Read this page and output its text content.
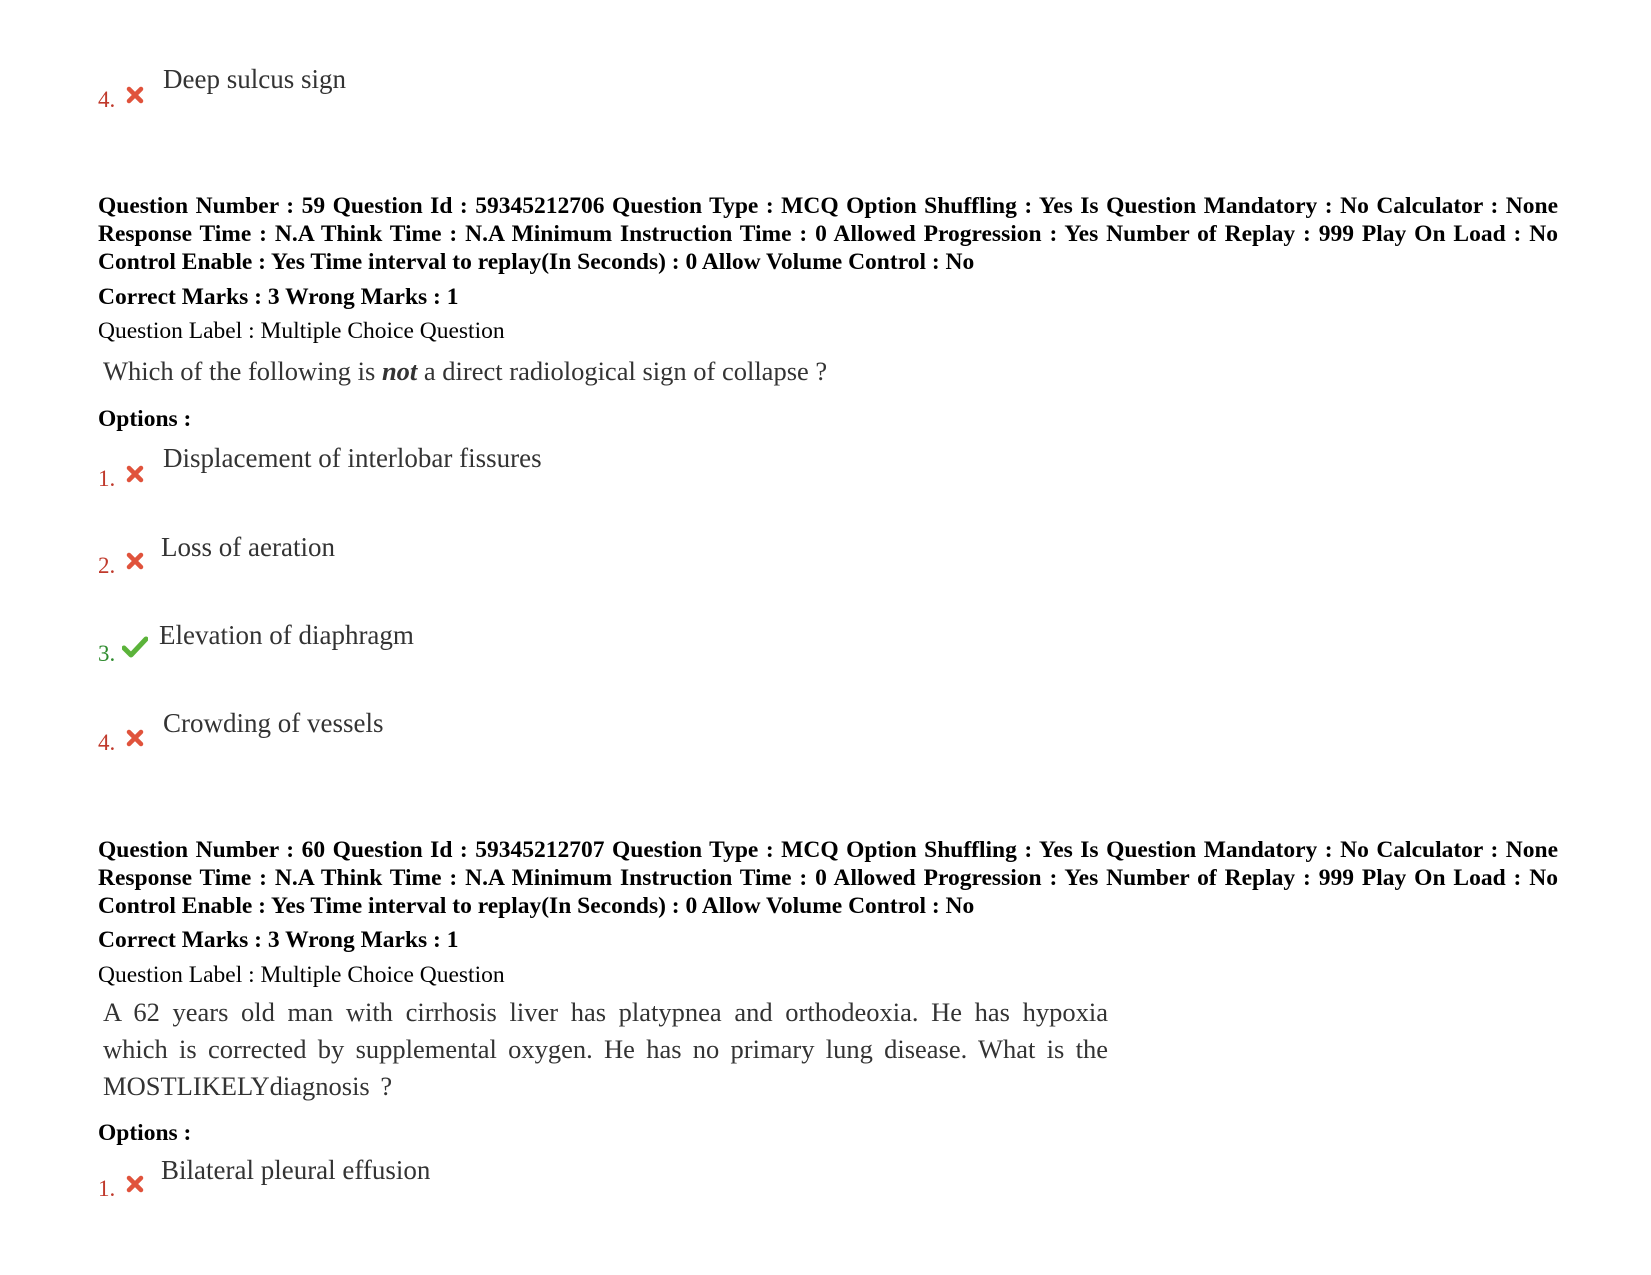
4.
Deep sulcus sign
Question Number : 59 Question Id : 59345212706 Question Type : MCQ Option Shuffling : Yes Is Question Mandatory : No Calculator : None Response Time : N.A Think Time : N.A Minimum Instruction Time : 0 Allowed Progression : Yes Number of Replay : 999 Play On Load : No Control Enable : Yes Time interval to replay(In Seconds) : 0 Allow Volume Control : No
Correct Marks : 3 Wrong Marks : 1
Question Label : Multiple Choice Question
Which of the following is not a direct radiological sign of collapse ?
Options :
1.
Displacement of interlobar fissures
2.
Loss of aeration
3.
Elevation of diaphragm
4.
Crowding of vessels
Question Number : 60 Question Id : 59345212707 Question Type : MCQ Option Shuffling : Yes Is Question Mandatory : No Calculator : None Response Time : N.A Think Time : N.A Minimum Instruction Time : 0 Allowed Progression : Yes Number of Replay : 999 Play On Load : No Control Enable : Yes Time interval to replay(In Seconds) : 0 Allow Volume Control : No
Correct Marks : 3 Wrong Marks : 1
Question Label : Multiple Choice Question
A 62 years old man with cirrhosis liver has platypnea and orthodeoxia. He has hypoxia which is corrected by supplemental oxygen. He has no primary lung disease. What is the MOSTLIKELYdiagnosis ?
Options :
1.
Bilateral pleural effusion
